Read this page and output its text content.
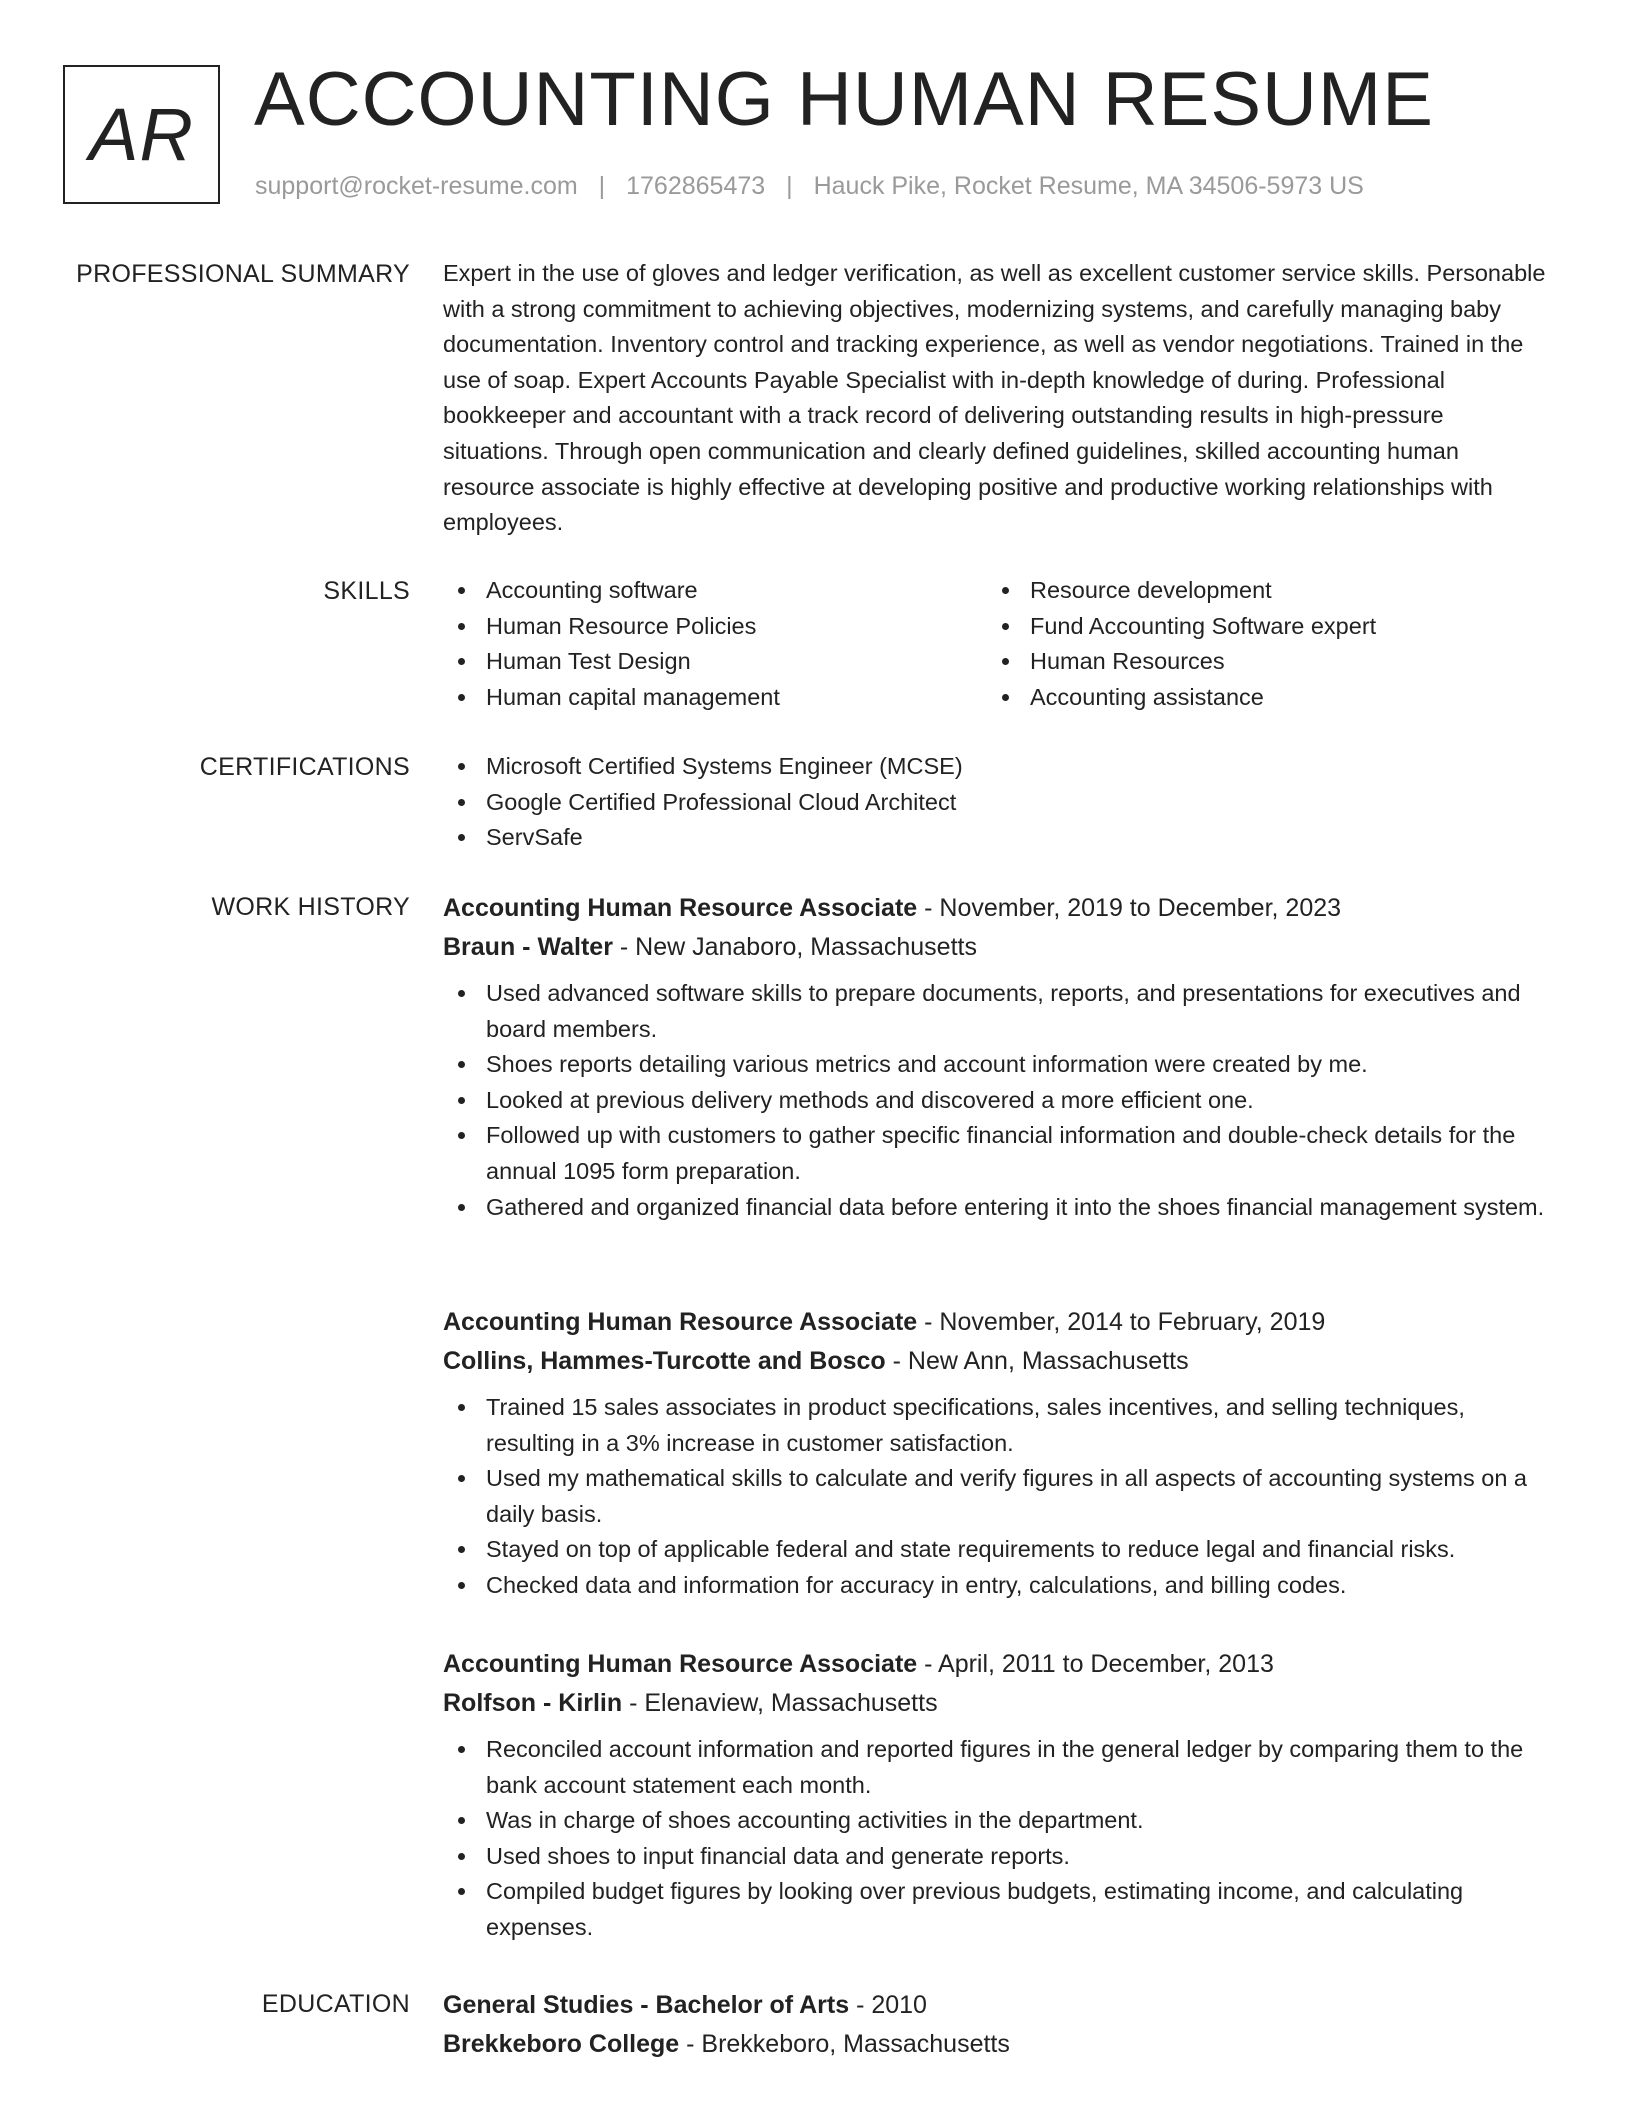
AR ACCOUNTING HUMAN RESUME
support@rocket-resume.com | 1762865473 | Hauck Pike, Rocket Resume, MA 34506-5973 US
PROFESSIONAL SUMMARY Expert in the use of gloves and ledger verification, as well as excellent customer service skills. Personable with a strong commitment to achieving objectives, modernizing systems, and carefully managing baby documentation. Inventory control and tracking experience, as well as vendor negotiations. Trained in the use of soap. Expert Accounts Payable Specialist with in-depth knowledge of during. Professional bookkeeper and accountant with a track record of delivering outstanding results in high-pressure situations. Through open communication and clearly defined guidelines, skilled accounting human resource associate is highly effective at developing positive and productive working relationships with employees.

SKILLS	Accounting software
Human Resource Policies
Human Test Design
Human capital management
Resource development
Fund Accounting Software expert
Human Resources
Accounting assistance
CERTIFICATIONS	Microsoft Certified Systems Engineer (MCSE)
Google Certified Professional Cloud Architect
ServSafe
WORK HISTORY Accounting Human Resource Associate - November, 2019 to December, 2023
Braun - Walter - New Janaboro, Massachusetts
Used advanced software skills to prepare documents, reports, and presentations for executives and board members.
Shoes reports detailing various metrics and account information were created by me.
Looked at previous delivery methods and discovered a more efficient one.
Followed up with customers to gather specific financial information and double-check details for the annual 1095 form preparation.
Gathered and organized financial data before entering it into the shoes financial management system.
Accounting Human Resource Associate - November, 2014 to February, 2019
Collins, Hammes-Turcotte and Bosco - New Ann, Massachusetts
Trained 15 sales associates in product specifications, sales incentives, and selling techniques, resulting in a 3% increase in customer satisfaction.
Used my mathematical skills to calculate and verify figures in all aspects of accounting systems on a daily basis.
Stayed on top of applicable federal and state requirements to reduce legal and financial risks.
Checked data and information for accuracy in entry, calculations, and billing codes.
Accounting Human Resource Associate - April, 2011 to December, 2013
Rolfson - Kirlin - Elenaview, Massachusetts
Reconciled account information and reported figures in the general ledger by comparing them to the bank account statement each month.
Was in charge of shoes accounting activities in the department.
Used shoes to input financial data and generate reports.
Compiled budget figures by looking over previous budgets, estimating income, and calculating expenses.
EDUCATION General Studies - Bachelor of Arts - 2010
Brekkeboro College - Brekkeboro, Massachusetts
